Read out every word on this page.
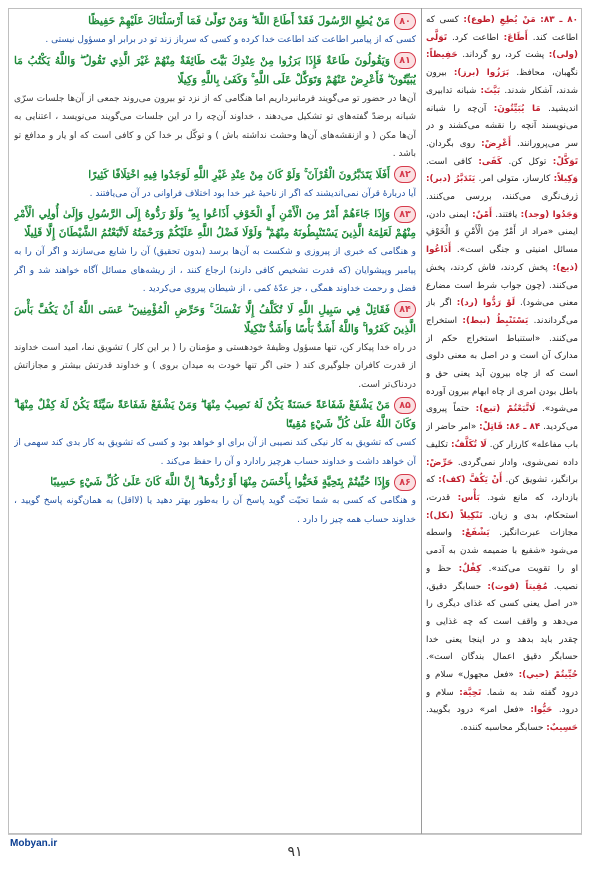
۸۰ ـ ۸۳: مَنْ يُطِعِ (طوع): کسی که اطاعت کند. أَطَاعَ: اطاعت کرد. تَوَلَّى (ولی): پشت کرد، رو گرداند. حَفِيظاً: نگهبان، محافظ. بَرَزُوا (برز): بیرون شدند، آشکار شدند. بَيَّتَ: شبانه تدابیری اندیشید. مَا يُبَيِّتُونَ: آن‌چه را شبانه می‌نویسند آنچه را نقشه می‌کشند و در سر می‌پرورانند. أَعْرِضْ: روی بگردان. تَوَكَّلْ: توکل کن. كَفَى: کافی است. وَكِيلاً: کارساز، متولی امر. يَتَدَبَّرُ (دبر): ژرف‌نگری می‌کنند، بررسی می‌کنند. وَجَدُوا (وجد): یافتند. أَمْنٌ: ایمنی دادن، ایمنی «مراد از أَمْرٌ مِنَ الْأَمْنِ وَ الْخَوْفِ مسائل امنیتی و جنگی است». أَذَاعُوا (ذيع): پخش کردند، فاش کردند، پخش می‌کنند. (چون جواب شرط است مضارع معنی می‌شود). لَوْ رَدُّوا (رد): اگر باز می‌گرداندند. يَسْتَنْبِطُ (نبط): استخراج می‌کنند. «استنباط استخراج حکم از مدارک آن است و در اصل به معنی دلوی است که از چاه بیرون آید یعنی حق و باطل بودن امری از چاه ابهام بیرون آورده می‌شود». لَاتَّبَعْتُمْ (تبع): حتماً پیروی می‌کردید. ۸۴ ـ ۸۶: قَاتِلْ: «امر حاضر از باب مفاعله» کارزار کن. لَا تُكَلَّفُ: تکلیف داده نمی‌شوی، وادار نمی‌گردی. حَرِّضْ: برانگیز، تشویق کن. أَنْ يَكُفَّ (كف): که بازدارد، که مانع شود. بَأْس: قدرت، استحکام، بدی و زیان. تَنْكِيلاً (نكل): مجازات عبرت‌انگیز. يَشْفَعْ: واسطه می‌شود «شفیع با ضمیمه شدن به آدمی او را تقویت می‌کند». كِفْلٌ: حظ و نصیب. مُقِيتاً (قوت): حسابگر دقیق، «در اصل یعنی کسی که غذای دیگری را می‌دهد و واقف است که چه غذایی و چقدر باید بدهد و در اینجا یعنی خدا حسابگر دقیق اعمال بندگان است». حُيِّيتُمْ (حيي): «فعل مجهول» سلام و درود گفته شد به شما. تَحِيَّة: سلام و درود. حَيُّوا: «فعل امر» درود بگویید. حَسِيبٌ: حسابگر محاسبه کننده.
۸۰مَنْ يُطِعِ الرَّسُولَ فَقَدْ أَطَاعَ اللَّهَ ۖ وَمَنْ تَوَلَّىٰ فَمَا أَرْسَلْنَاكَ عَلَيْهِمْ حَفِيظًا
کسی که از پیامبر اطاعت کند اطاعت خدا کرده و کسی که سرباز زند تو در برابر او مسؤول نیستی .
۸۱وَيَقُولُونَ طَاعَةٌ فَإِذَا بَرَزُوا مِنْ عِنْدِكَ بَيَّتَ طَائِفَةٌ مِنْهُمْ غَيْرَ الَّذِي تَقُولُ ۖ وَاللَّهُ يَكْتُبُ مَا يُبَيِّتُونَ ۖ فَأَعْرِضْ عَنْهُمْ وَتَوَكَّلْ عَلَى اللَّهِ ۚ وَكَفَىٰ بِاللَّهِ وَكِيلًا
آن‌ها در حضور تو می‌گویند فرمانبرداریم اما هنگامی که از نزد تو بیرون می‌روند جمعی از آن‌ها جلسات سرّی شبانه برضدّ گفته‌های تو تشکیل می‌دهند ، خداوند آن‌چه را در این جلسات می‌گویند می‌نویسد ، اعتنایی به آن‌ها مکن ( و ازنقشه‌های آن‌ها وحشت نداشته باش ) و توکّل بر خدا کن و کافی است که او یار و مدافع تو باشد .
۸۲أَفَلَا يَتَدَبَّرُونَ الْقُرْآنَ ۚ وَلَوْ كَانَ مِنْ عِنْدِ غَيْرِ اللَّهِ لَوَجَدُوا فِيهِ اخْتِلَافًا كَثِيرًا
آیا دربارهٔ قرآن نمی‌اندیشند که اگر از ناحیهٔ غیر خدا بود اختلاف فراوانی در آن می‌یافتند .
۸۳وَإِذَا جَاءَهُمْ أَمْرٌ مِنَ الْأَمْنِ أَوِ الْخَوْفِ أَذَاعُوا بِهِ ۖ وَلَوْ رَدُّوهُ إِلَى الرَّسُولِ وَإِلَىٰ أُولِي الْأَمْرِ مِنْهُمْ لَعَلِمَهُ الَّذِينَ يَسْتَنْبِطُونَهُ مِنْهُمْ ۗ وَلَوْلَا فَضْلُ اللَّهِ عَلَيْكُمْ وَرَحْمَتُهُ لَاتَّبَعْتُمُ الشَّيْطَانَ إِلَّا قَلِيلًا
و هنگامی که خبری از پیروزی و شکست به آن‌ها برسد (بدون تحقیق) آن را شایع می‌سازند و اگر آن را به پیامبر وپیشوایان (که قدرت تشخیص کافی دارند) ارجاع کنند ، از ریشه‌های مسائل آگاه خواهند شد و اگر فضل و رحمت خداوند همگی ، جز عدّهٔ کمی ، از شیطان پیروی می‌کردید .
۸۴فَقَاتِلْ فِي سَبِيلِ اللَّهِ لَا تُكَلَّفُ إِلَّا نَفْسَكَ ۚ وَحَرِّضِ الْمُؤْمِنِينَ ۖ عَسَى اللَّهُ أَنْ يَكُفَّ بَأْسَ الَّذِينَ كَفَرُوا ۚ وَاللَّهُ أَشَدُّ بَأْسًا وَأَشَدُّ تَنْكِيلًا
در راه خدا پیکار کن، تنها مسؤول وظیفهٔ خودهستی و مؤمنان را ( بر این کار ) تشویق نما، امید است خداوند از قدرت کافران جلوگیری کند ( حتی اگر تنها خودت به میدان بروی ) و خداوند قدرتش بیشتر و مجازاتش دردناک‌تر است.
۸۵مَنْ يَشْفَعْ شَفَاعَةً حَسَنَةً يَكُنْ لَهُ نَصِيبٌ مِنْهَا ۖ وَمَنْ يَشْفَعْ شَفَاعَةً سَيِّئَةً يَكُنْ لَهُ كِفْلٌ مِنْهَا ۗ وَكَانَ اللَّهُ عَلَىٰ كُلِّ شَيْءٍ مُقِيتًا
کسی که تشویق به کار نیکی کند نصیبی از آن برای او خواهد بود و کسی که تشویق به کار بدی کند سهمی از آن خواهد داشت و خداوند حساب هرچیز رادارد و آن را حفظ می‌کند .
۸۶وَإِذَا حُيِّيتُمْ بِتَحِيَّةٍ فَحَيُّوا بِأَحْسَنَ مِنْهَا أَوْ رُدُّوهَا ۗ إِنَّ اللَّهَ كَانَ عَلَىٰ كُلِّ شَيْءٍ حَسِيبًا
و هنگامی که کسی به شما تحیّت گوید پاسخ آن را به‌طور بهتر دهید یا (لااقل) به همان‌گونه پاسخ گویید ، خداوند حساب همه چیز را دارد .
Mobyan.ir
۹۱
